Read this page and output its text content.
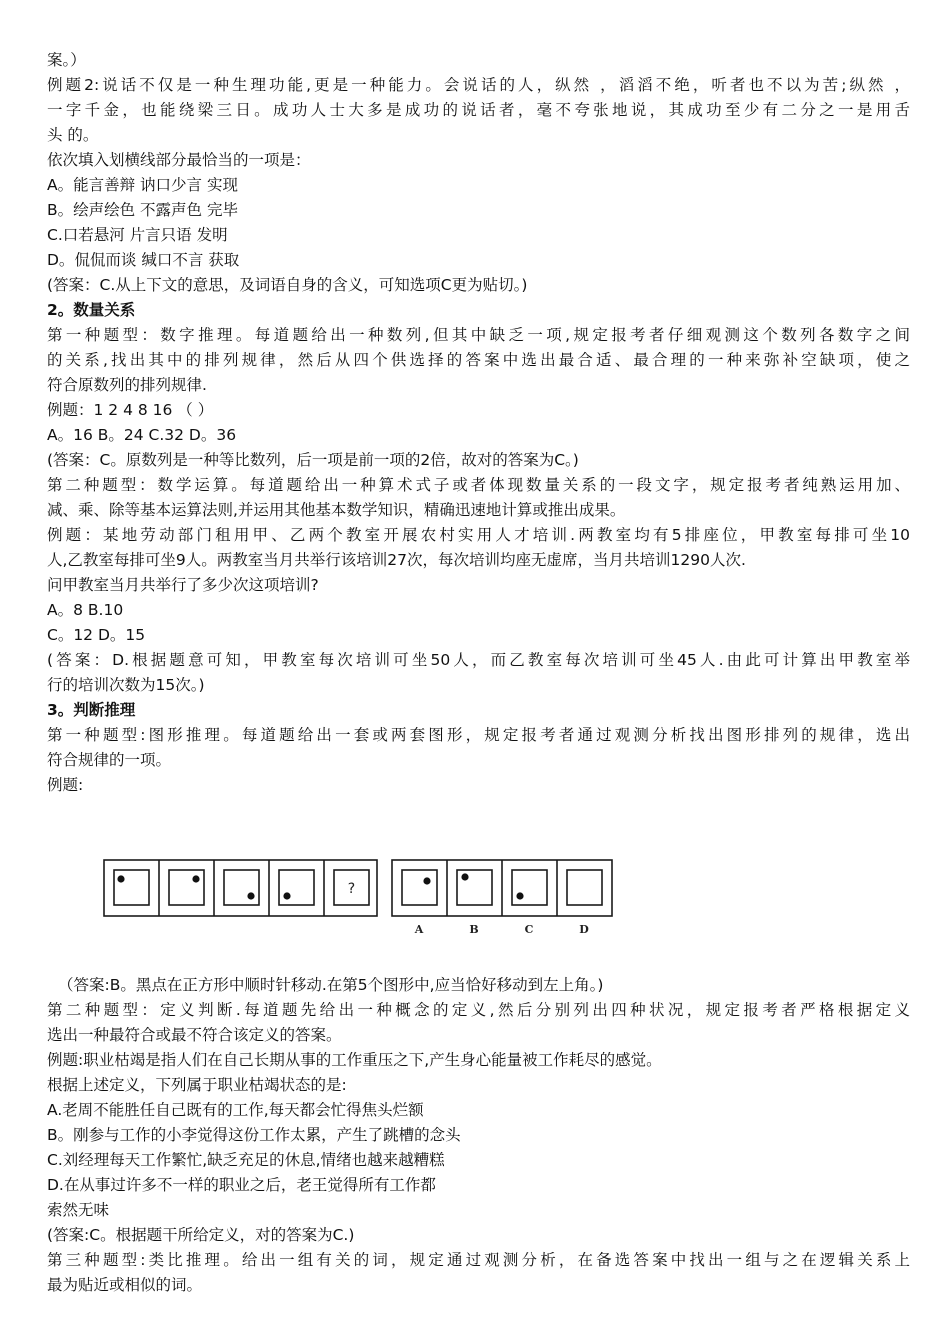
案。）
例题2:说话不仅是一种生理功能,更是一种能力。会说话的人，纵然 ，滔滔不绝，听者也不以为苦;纵然 ，
一字千金，也能绕梁三日。成功人士大多是成功的说话者，毫不夸张地说，其成功至少有二分之一是用舌
头 的。
依次填入划横线部分最恰当的一项是：
A。能言善辩 讷口少言 实现
B。绘声绘色 不露声色 完毕
C.口若悬河 片言只语 发明
D。侃侃而谈 缄口不言 获取
(答案：C.从上下文的意思，及词语自身的含义，可知选项C更为贴切。)
2。数量关系
第一种题型：数字推理。每道题给出一种数列,但其中缺乏一项,规定报考者仔细观测这个数列各数字之间
的关系,找出其中的排列规律，然后从四个供选择的答案中选出最合适、最合理的一种来弥补空缺项，使之
符合原数列的排列规律.
例题：1 2 4 8 16 （ ）
A。16 B。24 C.32 D。36
(答案：C。原数列是一种等比数列，后一项是前一项的2倍，故对的答案为C。)
第二种题型：数学运算。每道题给出一种算术式子或者体现数量关系的一段文字，规定报考者纯熟运用加、
减、乘、除等基本运算法则,并运用其他基本数学知识，精确迅速地计算或推出成果。
例题：某地劳动部门租用甲、乙两个教室开展农村实用人才培训.两教室均有5排座位，甲教室每排可坐10
人,乙教室每排可坐9人。两教室当月共举行该培训27次，每次培训均座无虚席，当月共培训1290人次.
问甲教室当月共举行了多少次这项培训?
A。8 B.10
C。12 D。15
(答案：D.根据题意可知，甲教室每次培训可坐50人，而乙教室每次培训可坐45人.由此可计算出甲教室举
行的培训次数为15次。)
3。判断推理
第一种题型:图形推理。每道题给出一套或两套图形，规定报考者通过观测分析找出图形排列的规律，选出
符合规律的一项。
例题:
?
A	B	C	D
（答案:B。黑点在正方形中顺时针移动.在第5个图形中,应当恰好移动到左上角。)
第二种题型：定义判断.每道题先给出一种概念的定义,然后分别列出四种状况，规定报考者严格根据定义
选出一种最符合或最不符合该定义的答案。
例题:职业枯竭是指人们在自己长期从事的工作重压之下,产生身心能量被工作耗尽的感觉。
根据上述定义，下列属于职业枯竭状态的是:
A.老周不能胜任自己既有的工作,每天都会忙得焦头烂额
B。刚参与工作的小李觉得这份工作太累，产生了跳槽的念头
C.刘经理每天工作繁忙,缺乏充足的休息,情绪也越来越糟糕
D.在从事过许多不一样的职业之后，老王觉得所有工作都
索然无味
(答案:C。根据题干所给定义，对的答案为C.)
第三种题型:类比推理。给出一组有关的词，规定通过观测分析，在备选答案中找出一组与之在逻辑关系上
最为贴近或相似的词。
